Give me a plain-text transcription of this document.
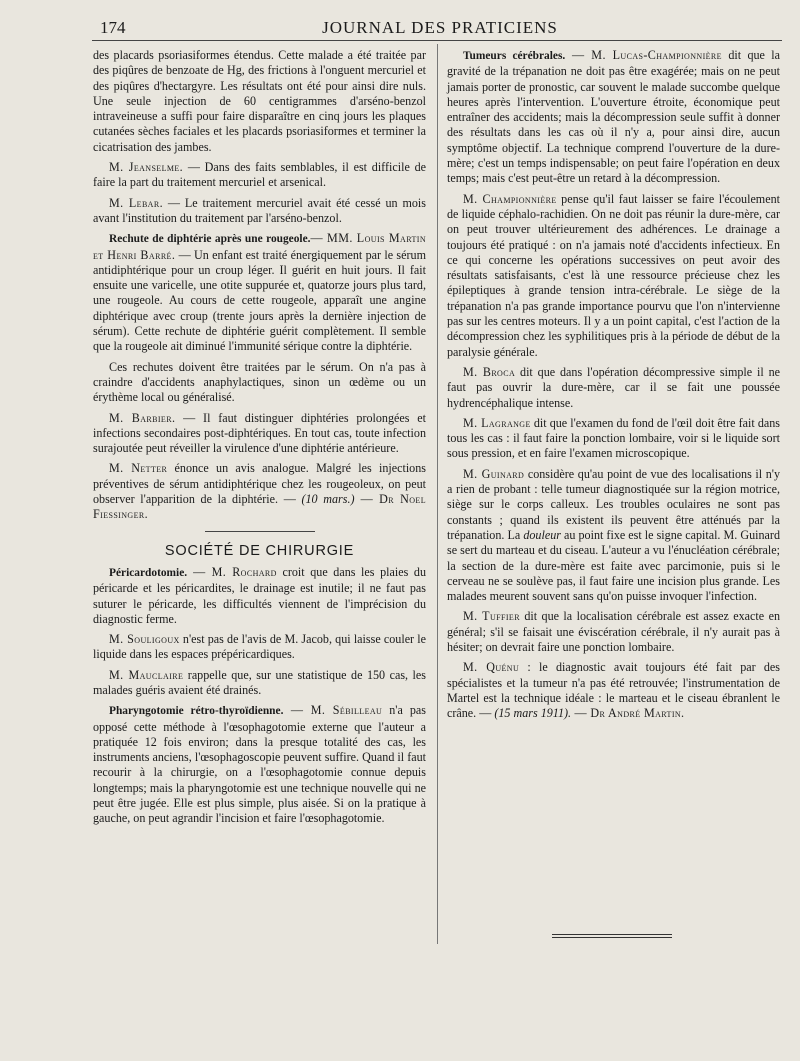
174	JOURNAL DES PRATICIENS

des placards psoriasiformes étendus. Cette malade a été traitée par des piqûres de benzoate de Hg, des frictions à l'onguent mercuriel et des piqûres d'hectargyre. Les résultats ont été pour ainsi dire nuls. Une seule injection de 60 centigrammes d'arséno-benzol intraveineuse a suffi pour faire disparaître en cinq jours les plaques cutanées sèches faciales et les placards psoriasiformes et terminer la cicatrisation des jambes.

M. Jeanselme. — Dans des faits semblables, il est difficile de faire la part du traitement mercuriel et arsenical.

M. Lebar. — Le traitement mercuriel avait été cessé un mois avant l'institution du traitement par l'arséno-benzol.

Rechute de diphtérie après une rougeole.— MM. Louis Martin et Henri Barré. — Un enfant est traité énergiquement par le sérum antidiphtérique pour un croup léger. Il guérit en huit jours. Il fait ensuite une varicelle, une otite suppurée et, quatorze jours plus tard, une rougeole. Au cours de cette rougeole, apparaît une angine diphtérique avec croup (trente jours après la dernière injection de sérum). Cette rechute de diphtérie guérit complètement. Il semble que la rougeole ait diminué l'immunité sérique contre la diphtérie.

Ces rechutes doivent être traitées par le sérum. On n'a pas à craindre d'accidents anaphylactiques, sinon un œdème ou un érythème local ou généralisé.

M. Barbier. — Il faut distinguer diphtéries prolongées et infections secondaires post-diphtériques. En tout cas, toute infection surajoutée peut réveiller la virulence d'une diphtérie antérieure.

M. Netter énonce un avis analogue. Malgré les injections préventives de sérum antidiphtérique chez les rougeoleux, on peut observer l'apparition de la diphtérie. — (10 mars.) — Dr Noel Fiessinger.

SOCIÉTÉ DE CHIRURGIE

Péricardotomie. — M. Rochard croit que dans les plaies du péricarde et les péricardites, le drainage est inutile; il ne faut pas suturer le péricarde, les difficultés viennent de l'imprécision du diagnostic ferme.

M. Souligoux n'est pas de l'avis de M. Jacob, qui laisse couler le liquide dans les espaces prépéricardiques.

M. Mauclaire rappelle que, sur une statistique de 150 cas, les malades guéris avaient été drainés.

Pharyngotomie rétro-thyroïdienne. — M. Sébilleau n'a pas opposé cette méthode à l'œsophagotomie externe que l'auteur a pratiquée 12 fois environ; dans la presque totalité des cas, les instruments anciens, l'œsophagoscopie peuvent suffire. Quand il faut recourir à la chirurgie, on a l'œsophagotomie connue depuis longtemps; mais la pharyngotomie est une technique nouvelle qui ne peut être jugée. Elle est plus simple, plus aisée. Si on la pratique à gauche, on peut agrandir l'incision et faire l'œsophagotomie.

Tumeurs cérébrales. — M. Lucas-Championnière dit que la gravité de la trépanation ne doit pas être exagérée; mais on ne peut jamais porter de pronostic, car souvent le malade succombe quelque heures après l'intervention. L'ouverture étroite, économique peut entraîner des accidents; mais la décompression seule suffit à donner des résultats dans les cas où il n'y a, pour ainsi dire, aucun symptôme objectif. La technique comprend l'ouverture de la dure-mère; c'est un temps indispensable; on peut faire l'opération en deux temps; mais c'est peut-être un retard à la décompression.

M. Championnière pense qu'il faut laisser se faire l'écoulement de liquide céphalo-rachidien. On ne doit pas réunir la dure-mère, car on peut trouver ultérieurement des adhérences. Le drainage a toujours été pratiqué : on n'a jamais noté d'accidents infectieux. En ce qui concerne les opérations successives on peut avoir des résultats satisfaisants, c'est là une ressource précieuse chez les épileptiques à grande tension intra-cérébrale. Le siège de la trépanation n'a pas grande importance pourvu que l'on n'intervienne pas sur les centres moteurs. Il y a un point capital, c'est l'action de la décompression chez les syphilitiques pris à la période de début de la paralysie générale.

M. Broca dit que dans l'opération décompressive simple il ne faut pas ouvrir la dure-mère, car il se fait une poussée hydrencéphalique intense.

M. Lagrange dit que l'examen du fond de l'œil doit être fait dans tous les cas : il faut faire la ponction lombaire, voir si le liquide sort sous pression, et en faire l'examen microscopique.

M. Guinard considère qu'au point de vue des localisations il n'y a rien de probant : telle tumeur diagnostiquée sur la région motrice, siège sur le corps calleux. Les troubles oculaires ne sont pas constants ; quand ils existent ils peuvent être atténués par la trépanation. La douleur au point fixe est le signe capital. M. Guinard se sert du marteau et du ciseau. L'auteur a vu l'énucléation cérébrale; la section de la dure-mère est faite avec parcimonie, puis si le cerveau ne se soulève pas, il faut faire une incision plus grande. Les malades meurent souvent sans qu'on puisse invoquer l'infection.

M. Tuffier dit que la localisation cérébrale est assez exacte en général; s'il se faisait une éviscération cérébrale, il n'y aurait pas à hésiter; on devrait faire une ponction lombaire.

M. Quénu : le diagnostic avait toujours été fait par des spécialistes et la tumeur n'a pas été retrouvée; l'instrumentation de Martel est la technique idéale : le marteau et le ciseau ébranlent le crâne. — (15 mars 1911). — Dr André Martin.
